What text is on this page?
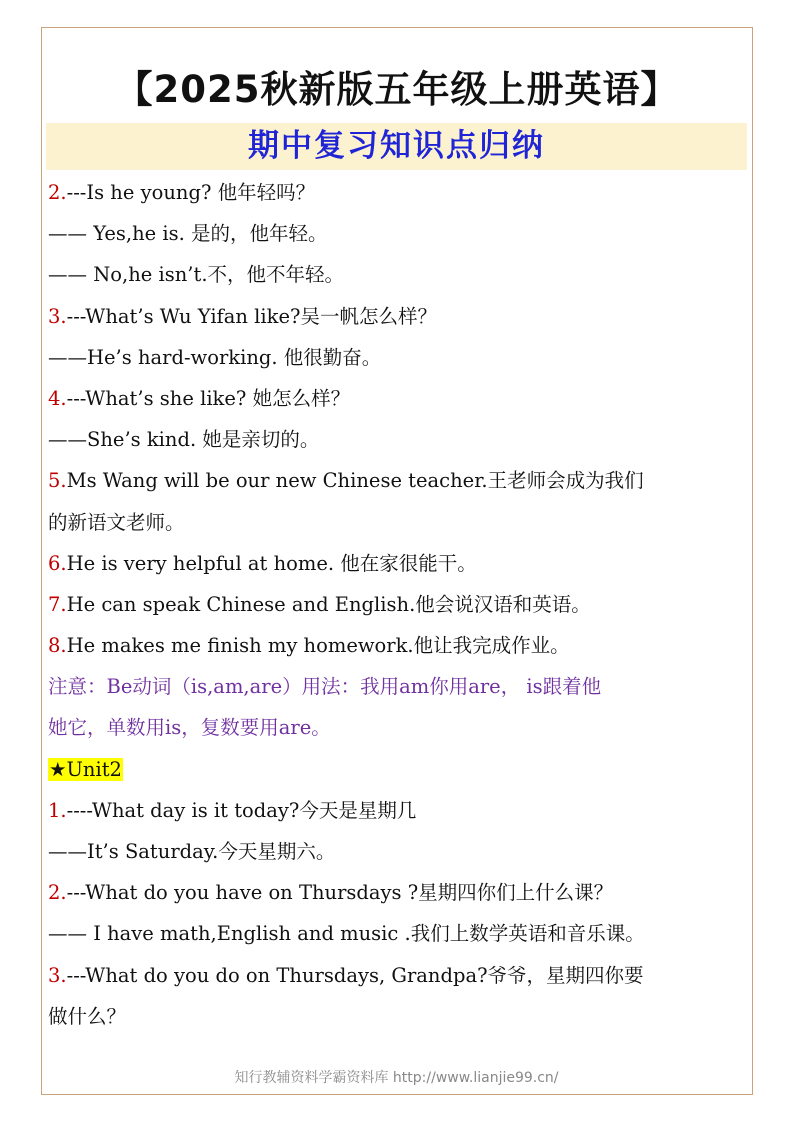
【2025秋新版五年级上册英语】
期中复习知识点归纳
2.---Is he young? 他年轻吗？
—— Yes,he is. 是的，他年轻。
—— No,he isn’t.不，他不年轻。
3.---What’s Wu Yifan like?吴一帆怎么样？
——He’s hard-working. 他很勤奋。
4.---What’s she like? 她怎么样？
——She’s kind. 她是亲切的。
5.Ms Wang will be our new Chinese teacher.王老师会成为我们
的新语文老师。
6.He is very helpful at home. 他在家很能干。
7.He can speak Chinese and English.他会说汉语和英语。
8.He makes me finish my homework.他让我完成作业。
注意：Be动词（is,am,are）用法：我用am你用are， is跟着他
她它，单数用is，复数要用are。
★Unit2
1.----What day is it today?今天是星期几
——It’s Saturday.今天星期六。
2.---What do you have on Thursdays ?星期四你们上什么课？
—— I have math,English and music .我们上数学英语和音乐课。
3.---What do you do on Thursdays, Grandpa?爷爷，星期四你要
做什么？
知行教辅资料学霸资料库 http://www.lianjie99.cn/
